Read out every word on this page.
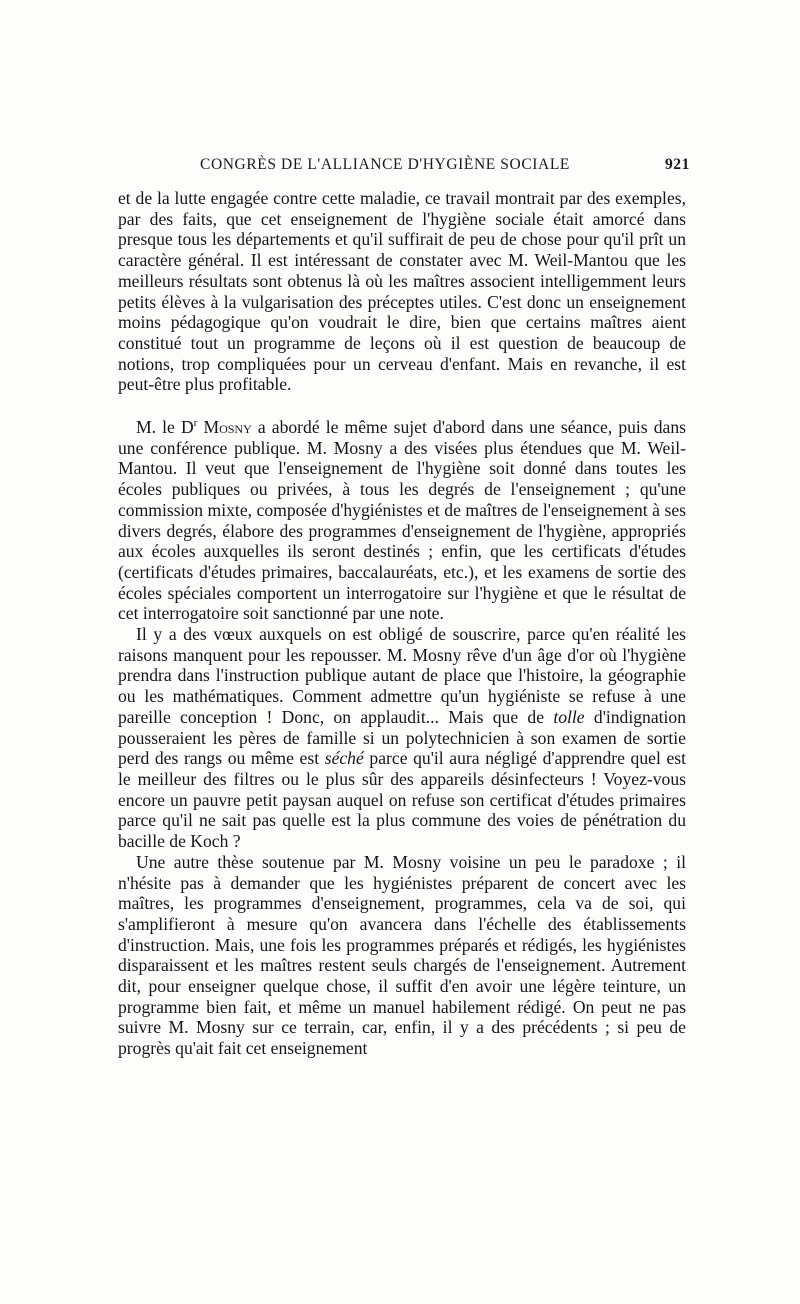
CONGRÈS DE L'ALLIANCE D'HYGIÈNE SOCIALE	921

et de la lutte engagée contre cette maladie, ce travail montrait par des exemples, par des faits, que cet enseignement de l'hygiène sociale était amorcé dans presque tous les départements et qu'il suffirait de peu de chose pour qu'il prît un caractère général. Il est intéressant de constater avec M. Weil-Mantou que les meilleurs résultats sont obtenus là où les maîtres associent intelligemment leurs petits élèves à la vulgarisation des préceptes utiles. C'est donc un enseignement moins pédagogique qu'on voudrait le dire, bien que certains maîtres aient constitué tout un programme de leçons où il est question de beaucoup de notions, trop compliquées pour un cerveau d'enfant. Mais en revanche, il est peut-être plus profitable.

M. le $D^r$ Mosny a abordé le même sujet d'abord dans une séance, puis dans une conférence publique. M. Mosny a des visées plus étendues que M. Weil-Mantou. Il veut que l'enseignement de l'hygiène soit donné dans toutes les écoles publiques ou privées, à tous les degrés de l'enseignement ; qu'une commission mixte, composée d'hygiénistes et de maîtres de l'enseignement à ses divers degrés, élabore des programmes d'enseignement de l'hygiène, appropriés aux écoles auxquelles ils seront destinés ; enfin, que les certificats d'études (certificats d'études primaires, baccalauréats, etc.), et les examens de sortie des écoles spéciales comportent un interrogatoire sur l'hygiène et que le résultat de cet interrogatoire soit sanctionné par une note.

Il y a des vœux auxquels on est obligé de souscrire, parce qu'en réalité les raisons manquent pour les repousser. M. Mosny rêve d'un âge d'or où l'hygiène prendra dans l'instruction publique autant de place que l'histoire, la géographie ou les mathématiques. Comment admettre qu'un hygiéniste se refuse à une pareille conception ! Donc, on applaudit... Mais que de tolle d'indignation pousseraient les pères de famille si un polytechnicien à son examen de sortie perd des rangs ou même est séché parce qu'il aura négligé d'apprendre quel est le meilleur des filtres ou le plus sûr des appareils désinfecteurs ! Voyez-vous encore un pauvre petit paysan auquel on refuse son certificat d'études primaires parce qu'il ne sait pas quelle est la plus commune des voies de pénétration du bacille de Koch ?

Une autre thèse soutenue par M. Mosny voisine un peu le paradoxe ; il n'hésite pas à demander que les hygiénistes préparent de concert avec les maîtres, les programmes d'enseignement, programmes, cela va de soi, qui s'amplifieront à mesure qu'on avancera dans l'échelle des établissements d'instruction. Mais, une fois les programmes préparés et rédigés, les hygiénistes disparaissent et les maîtres restent seuls chargés de l'enseignement. Autrement dit, pour enseigner quelque chose, il suffit d'en avoir une légère teinture, un programme bien fait, et même un manuel habilement rédigé. On peut ne pas suivre M. Mosny sur ce terrain, car, enfin, il y a des précédents ; si peu de progrès qu'ait fait cet enseignement
